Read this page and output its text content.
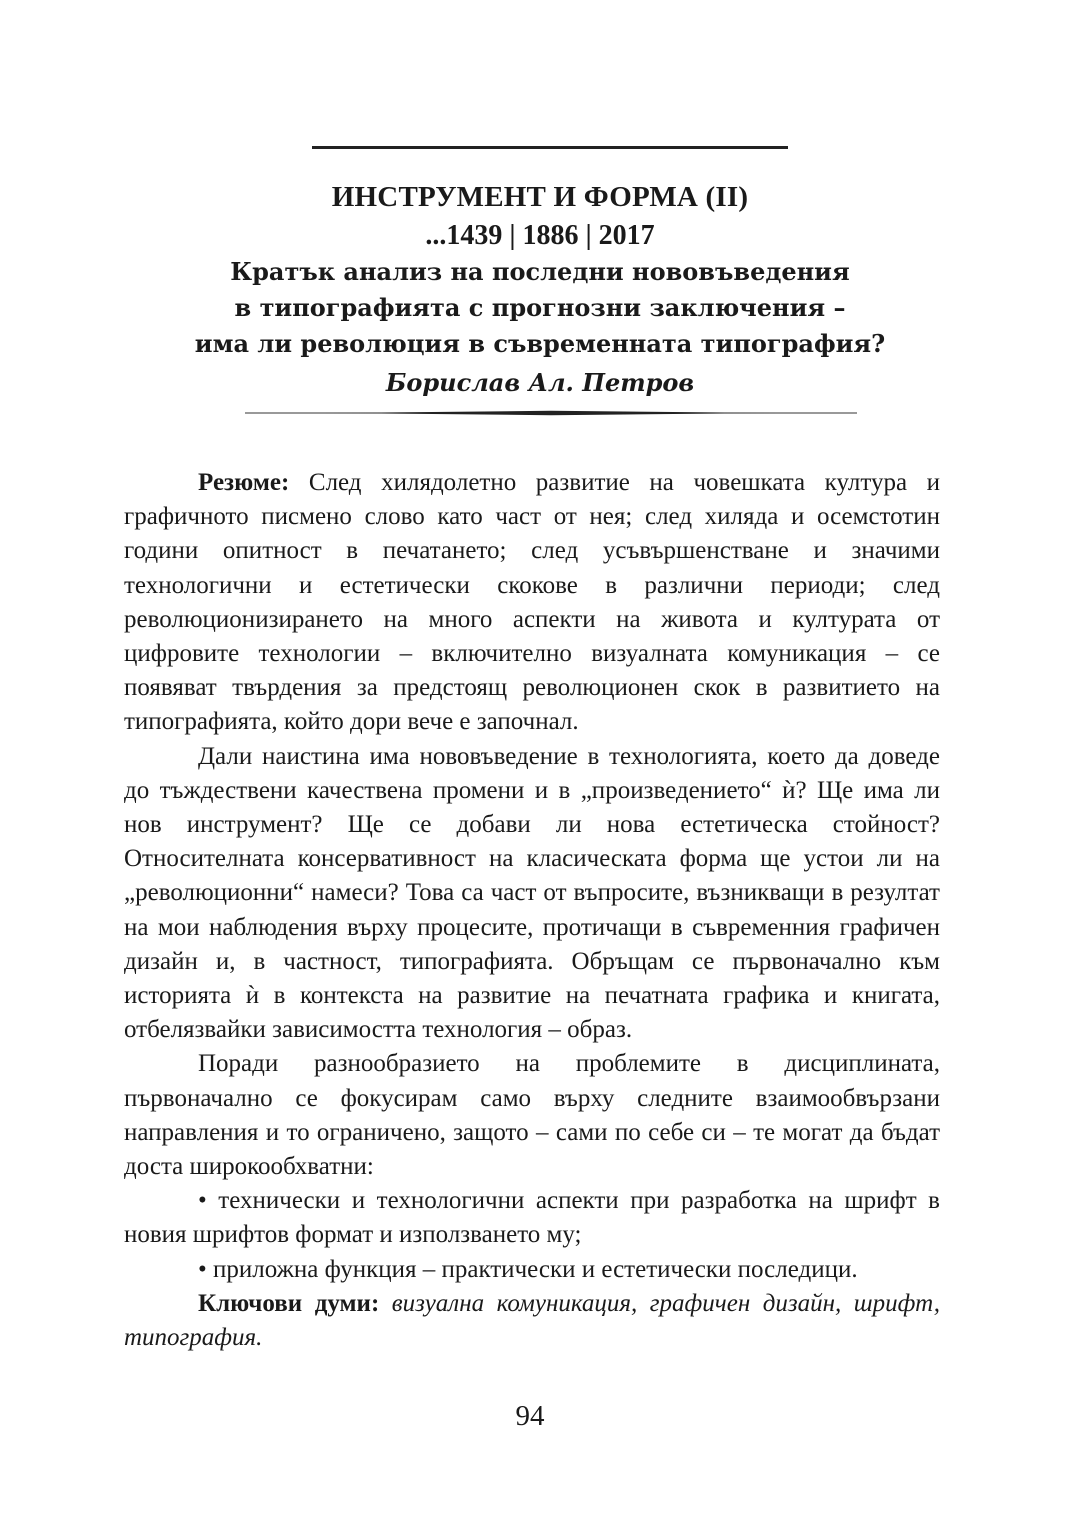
ИНСТРУМЕНТ И ФОРМА (II)
...1439 | 1886 | 2017
Кратък анализ на последни нововъведения
в типографията с прогнозни заключения –
има ли революция в съвременната типография?
Борислав Ал. Петров

Резюме: След хилядолетно развитие на човешката култура и графичното писмено слово като част от нея; след хиляда и осемстотин години опитност в печатането; след усъвършенстване и значими технологични и естетически скокове в различни периоди; след революционизирането на много аспекти на живота и културата от цифровите технологии – включително визуалната комуникация – се появяват твърдения за предстоящ революционен скок в развитието на типографията, който дори вече е започнал.

Дали наистина има нововъведение в технологията, което да доведе до тъждествени качествена промени и в „произведението“ ѝ? Ще има ли нов инструмент? Ще се добави ли нова естетическа стойност? Относителната консервативност на класическата форма ще устои ли на „революционни“ намеси? Това са част от въпросите, възникващи в резултат на мои наблюдения върху процесите, протичащи в съвременния графичен дизайн и, в частност, типографията. Обръщам се първоначално към историята ѝ в контекста на развитие на печатната графика и книгата, отбелязвайки зависимостта технология – образ.

Поради разнообразието на проблемите в дисциплината, първоначално се фокусирам само върху следните взаимообвързани направления и то ограничено, защото – сами по себе си – те могат да бъдат доста широкообхватни:

• технически и технологични аспекти при разработка на шрифт в новия шрифтов формат и използването му;

• приложна функция – практически и естетически последици.

Ключови думи: визуална комуникация, графичен дизайн, шрифт, типография.

94
